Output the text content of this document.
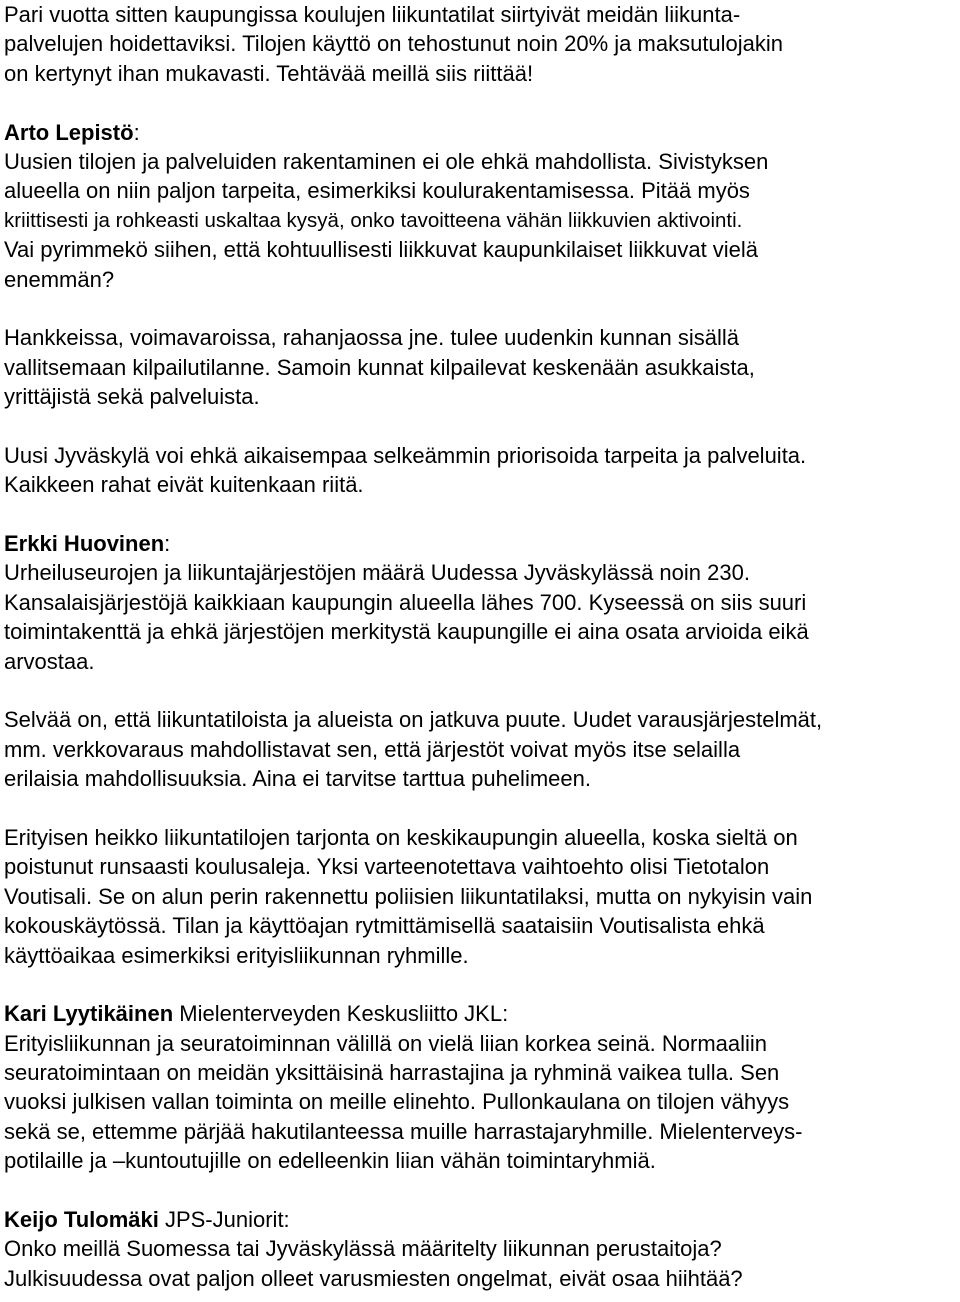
Pari vuotta sitten kaupungissa koulujen liikuntatilat siirtyivät meidän liikunta-
palvelujen hoidettaviksi. Tilojen käyttö on tehostunut noin 20% ja maksutulojakin
on kertynyt ihan mukavasti. Tehtävää meillä siis riittää!
Arto Lepistö:
Uusien tilojen ja palveluiden rakentaminen ei ole ehkä mahdollista. Sivistyksen
alueella on niin paljon tarpeita, esimerkiksi koulurakentamisessa. Pitää myös
kriittisesti ja rohkeasti uskaltaa kysyä, onko tavoitteena vähän liikkuvien aktivointi.
Vai pyrimmekö siihen, että kohtuullisesti liikkuvat kaupunkilaiset liikkuvat vielä
enemmän?
Hankkeissa, voimavaroissa, rahanjaossa jne. tulee uudenkin kunnan sisällä
vallitsemaan kilpailutilanne. Samoin kunnat kilpailevat keskenään asukkaista,
yrittäjistä sekä palveluista.
Uusi Jyväskylä voi ehkä aikaisempaa selkeämmin priorisoida tarpeita ja palveluita.
Kaikkeen rahat eivät kuitenkaan riitä.
Erkki Huovinen:
Urheiluseurojen ja liikuntajärjestöjen määrä Uudessa Jyväskylässä noin 230.
Kansalaisjärjestöjä kaikkiaan kaupungin alueella lähes 700. Kyseessä on siis suuri
toimintakenttä ja ehkä järjestöjen merkitystä kaupungille ei aina osata arvioida eikä
arvostaa.
Selvää on, että liikuntatiloista ja alueista on jatkuva puute. Uudet varausjärjestelmät,
mm. verkkovaraus mahdollistavat sen, että järjestöt voivat myös itse selailla
erilaisia mahdollisuuksia. Aina ei tarvitse tarttua puhelimeen.
Erityisen heikko liikuntatilojen tarjonta on keskikaupungin alueella, koska sieltä on
poistunut runsaasti koulusaleja. Yksi varteenotettava vaihtoehto olisi Tietotalon
Voutisali. Se on alun perin rakennettu poliisien liikuntatilaksi, mutta on nykyisin vain
kokouskäytössä. Tilan ja käyttöajan rytmittämisellä saataisiin Voutisalista ehkä
käyttöaikaa esimerkiksi erityisliikunnan ryhmille.
Kari Lyytikäinen Mielenterveyden Keskusliitto JKL:
Erityisliikunnan ja seuratoiminnan välillä on vielä liian korkea seinä. Normaaliin
seuratoimintaan on meidän yksittäisinä harrastajina ja ryhminä vaikea tulla. Sen
vuoksi julkisen vallan toiminta on meille elinehto. Pullonkaulana on tilojen vähyys
sekä se, ettemme pärjää hakutilanteessa muille harrastajaryhmille. Mielenterveys-
potilaille ja –kuntoutujille on edelleenkin liian vähän toimintaryhmiä.
Keijo Tulomäki JPS-Juniorit:
Onko meillä Suomessa tai Jyväskylässä määritelty liikunnan perustaitoja?
Julkisuudessa ovat paljon olleet varusmiesten ongelmat, eivät osaa hiihtää?
